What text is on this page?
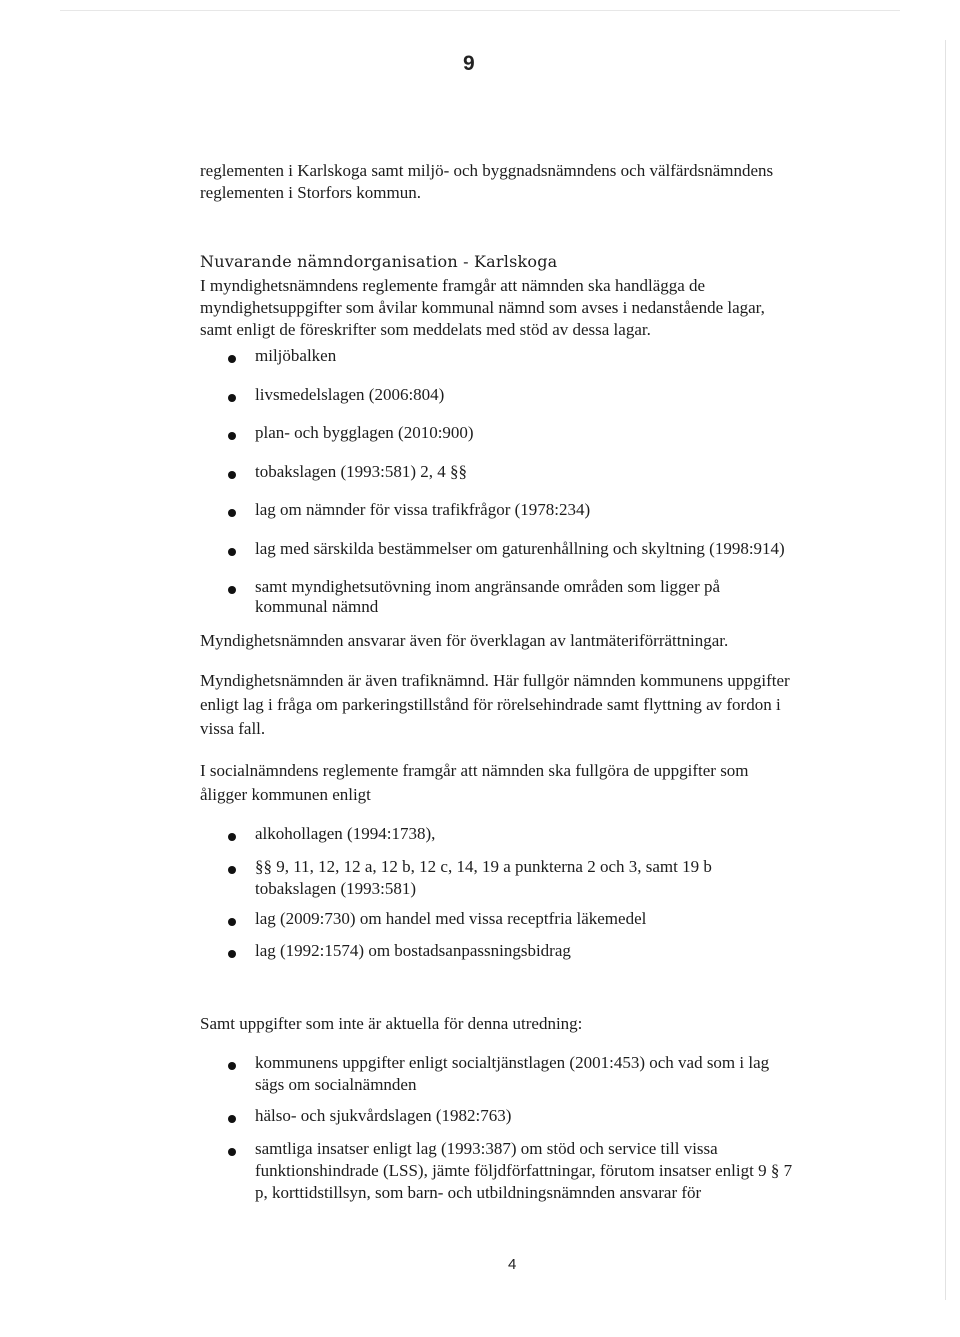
9
reglementen i Karlskoga samt miljö- och byggnadsnämndens och välfärdsnämndens
reglementen i Storfors kommun.
Nuvarande nämndorganisation - Karlskoga
I myndighetsnämndens reglemente framgår att nämnden ska handlägga de
myndighetsuppgifter som åvilar kommunal nämnd som avses i nedanstående lagar,
samt enligt de föreskrifter som meddelats med stöd av dessa lagar.
miljöbalken
livsmedelslagen (2006:804)
plan- och bygglagen (2010:900)
tobakslagen (1993:581) 2, 4 §§
lag om nämnder för vissa trafikfrågor (1978:234)
lag med särskilda bestämmelser om gaturenhållning och skyltning (1998:914)
samt myndighetsutövning inom angränsande områden som ligger på
kommunal nämnd
Myndighetsnämnden ansvarar även för överklagan av lantmäteriförrättningar.
Myndighetsnämnden är även trafiknämnd. Här fullgör nämnden kommunens uppgifter
enligt lag i fråga om parkeringstillstånd för rörelsehindrade samt flyttning av fordon i
vissa fall.
I socialnämndens reglemente framgår att nämnden ska fullgöra de uppgifter som
åligger kommunen enligt
alkohollagen (1994:1738),
§§ 9, 11, 12, 12 a, 12 b, 12 c, 14, 19 a punkterna 2 och 3, samt 19 b
tobakslagen (1993:581)
lag (2009:730) om handel med vissa receptfria läkemedel
lag (1992:1574) om bostadsanpassningsbidrag
Samt uppgifter som inte är aktuella för denna utredning:
kommunens uppgifter enligt socialtjänstlagen (2001:453) och vad som i lag
sägs om socialnämnden
hälso- och sjukvårdslagen (1982:763)
samtliga insatser enligt lag (1993:387) om stöd och service till vissa
funktionshindrade (LSS), jämte följdförfattningar, förutom insatser enligt 9 § 7
p, korttidstillsyn, som barn- och utbildningsnämnden ansvarar för
4
